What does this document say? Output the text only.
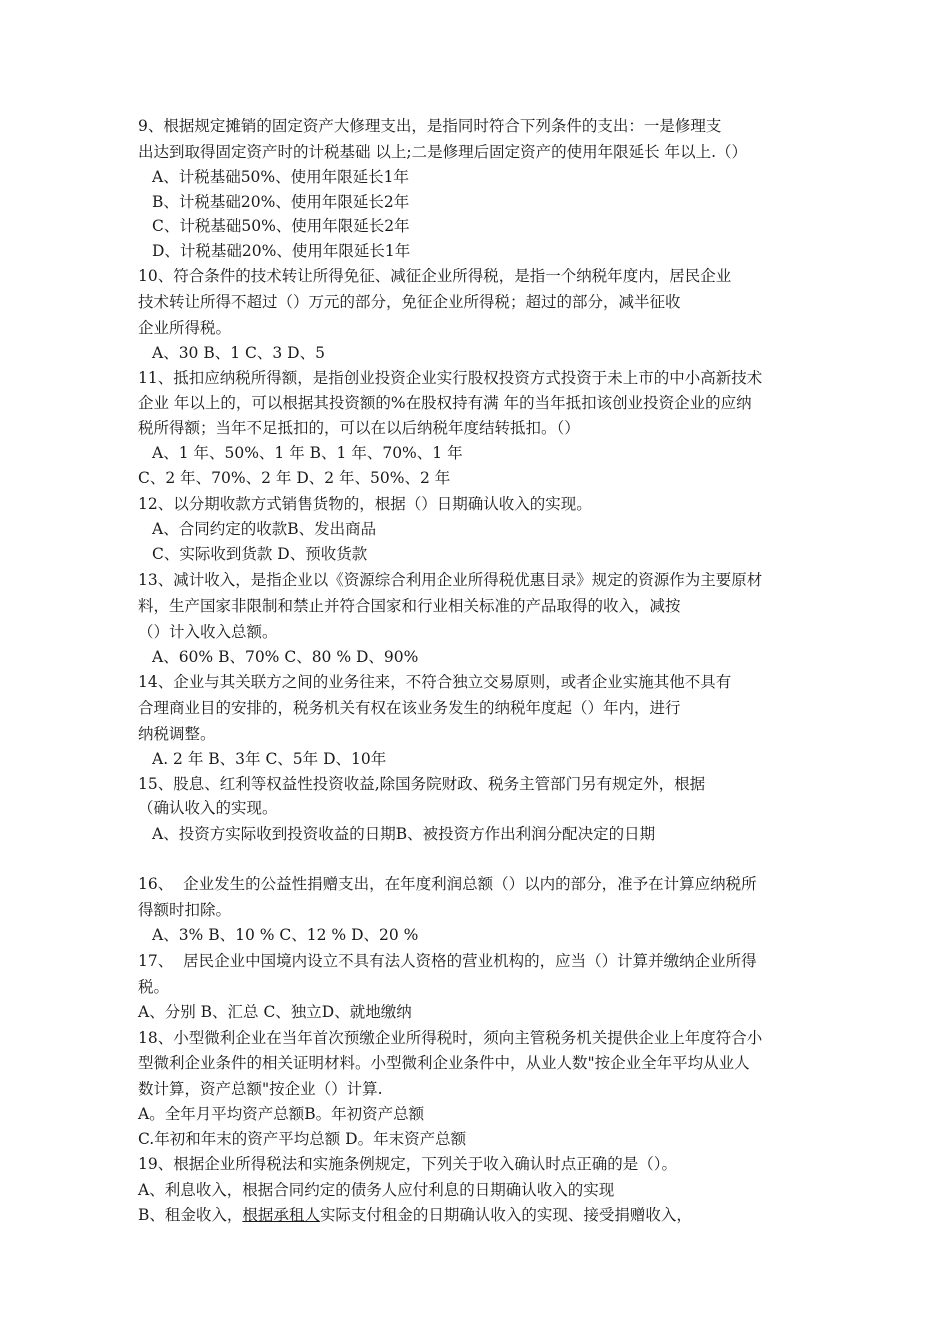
9、根据规定摊销的固定资产大修理支出，是指同时符合下列条件的支出：一是修理支
出达到取得固定资产时的计税基础 以上;二是修理后固定资产的使用年限延长 年以上.（）
A、计税基础50%、使用年限延长1年
B、计税基础20%、使用年限延长2年
C、计税基础50%、使用年限延长2年
D、计税基础20%、使用年限延长1年
10、符合条件的技术转让所得免征、减征企业所得税，是指一个纳税年度内，居民企业
技术转让所得不超过（）万元的部分，免征企业所得税；超过的部分，减半征收
企业所得税。
A、30 B、1 C、3 D、5
11、抵扣应纳税所得额，是指创业投资企业实行股权投资方式投资于未上市的中小高新技术
企业 年以上的，可以根据其投资额的%在股权持有满 年的当年抵扣该创业投资企业的应纳
税所得额；当年不足抵扣的，可以在以后纳税年度结转抵扣。（）
A、1 年、50%、1 年 B、1 年、70%、1 年
C、2 年、70%、2 年 D、2 年、50%、2 年
12、以分期收款方式销售货物的，根据（）日期确认收入的实现。
A、合同约定的收款B、发出商品
C、实际收到货款 D、预收货款
13、减计收入，是指企业以《资源综合利用企业所得税优惠目录》规定的资源作为主要原材
料，生产国家非限制和禁止并符合国家和行业相关标准的产品取得的收入，减按
（）计入收入总额。
A、60% B、70% C、80 % D、90%
14、企业与其关联方之间的业务往来，不符合独立交易原则，或者企业实施其他不具有
合理商业目的安排的，税务机关有权在该业务发生的纳税年度起（）年内，进行
纳税调整。
A. 2 年 B、3年 C、5年 D、10年
15、股息、红利等权益性投资收益,除国务院财政、税务主管部门另有规定外，根据
（确认收入的实现。
A、投资方实际收到投资收益的日期B、被投资方作出利润分配决定的日期
16、  企业发生的公益性捐赠支出，在年度利润总额（）以内的部分，准予在计算应纳税所
得额时扣除。
A、3% B、10 % C、12 % D、20 %
17、  居民企业中国境内设立不具有法人资格的营业机构的，应当（）计算并缴纳企业所得
税。
A、分别 B、汇总 C、独立D、就地缴纳
18、小型微利企业在当年首次预缴企业所得税时，须向主管税务机关提供企业上年度符合小
型微利企业条件的相关证明材料。小型微利企业条件中，从业人数"按企业全年平均从业人
数计算，资产总额"按企业（）计算.
A。全年月平均资产总额B。年初资产总额
C.年初和年末的资产平均总额 D。年末资产总额
19、根据企业所得税法和实施条例规定，下列关于收入确认时点正确的是（）。
A、利息收入，根据合同约定的债务人应付利息的日期确认收入的实现
B、租金收入，根据承租人实际支付租金的日期确认收入的实现、接受捐赠收入，
